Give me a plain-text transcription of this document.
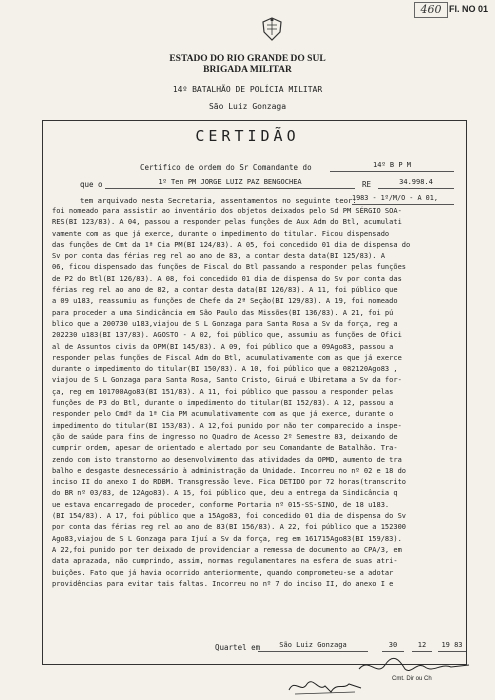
460 Fl. NO 01
ESTADO DO RIO GRANDE DO SUL
BRIGADA MILITAR
14º BATALHÃO DE POLÍCIA MILITAR
São Luiz Gonzaga
CERTIDÃO
Certifico de ordem do Sr Comandante do	14º B P M
que o	1º Ten PM JORGE LUIZ PAZ BENGOCHEA	RE	34.998.4
tem arquivado nesta Secretaria, assentamentos no seguinte teor:
1983 - 1º/M/O - A 01,
foi nomeado para assistir ao inventário dos objetos deixados pelo Sd PM SÉRGIO SOA-
RES(BI 123/83). A 04, passou a responder pelas funções de Aux Adm do Btl, acumulati
vamente com as que já exerce, durante o impedimento do titular. Ficou dispensado
das funções de Cmt da 1ª Cia PM(BI 124/83). A 05, foi concedido 01 dia de dispensa do
Sv por conta das férias reg rel ao ano de 83, a contar desta data(BI 125/83). A
06, ficou dispensado das funções de Fiscal do Btl passando a responder pelas funções
de P2 do Btl(BI 126/83). A 08, foi concedido 01 dia de dispensa do Sv por conta das
férias reg rel ao ano de 82, a contar desta data(BI 126/83). A 11, foi público que
a 09 u183, reassumiu as funções de Chefe da 2ª Seção(BI 129/83). A 19, foi nomeado
para proceder a uma Sindicância em São Paulo das Missões(BI 136/83). A 21, foi pú
blico que a 200730 u183,viajou de S L Gonzaga para Santa Rosa a Sv da força, reg a
202230 u183(BI 137/83). AGOSTO - A 02, foi público que, assumiu as funções de Ofici
al de Assuntos civis da OPM(BI 145/83). A 09, foi público que a 09Ago83, passou a
responder pelas funções de Fiscal Adm do Btl, acumulativamente com as que já exerce
durante o impedimento do titular(BI 150/83). A 10, foi público que a 082120Ago83 ,
viajou de S L Gonzaga para Santa Rosa, Santo Cristo, Giruá e Ubiretama a Sv da for-
ça, reg em 101700Ago83(BI 151/83). A 11, foi público que passou a responder pelas
funções de P3 do Btl, durante o impedimento do titular(BI 152/83). A 12, passou a
responder pelo Cmdº da 1ª Cia PM acumulativamente com as que já exerce, durante o
impedimento do titular(BI 153/83). A 12,foi punido por não ter comparecido a inspe-
ção de saúde para fins de ingresso no Quadro de Acesso 2º Semestre 83, deixando de
cumprir ordem, apesar de orientado e alertado por seu Comandante de Batalhão. Tra-
zendo com isto transtorno ao desenvolvimento das atividades da OPMD, aumento de tra
balho e desgaste desnecessário à administração da Unidade. Incorreu no nº 02 e 18 do
inciso II do anexo I do RDBM. Transgressão leve. Fica DETIDO por 72 horas(transcrito
do BR nº 03/83, de 12Ago83). A 15, foi público que, deu a entrega da Sindicância q
ue estava encarregado de proceder, conforme Portaria nº 015-SS-SINO, de 18 u183.
(BI 154/83). A 17, foi público que a 15Ago83, foi concedido 01 dia de dispensa do Sv
por conta das férias reg rel ao ano de 83(BI 156/83). A 22, foi público que a 152300
Ago83,viajou de S L Gonzaga para Ijuí a Sv da força, reg em 161715Ago83(BI 159/83).
A 22,foi punido por ter deixado de providenciar a remessa de documento ao CPA/3, em
data aprazada, não cumprindo, assim, normas regulamentares na esfera de suas atri-
buições. Fato que já havia ocorrido anteriormente, quando comprometeu-se a adotar
providências para evitar tais faltas. Incorreu no nº 7 do inciso II, do anexo I e
Quartel em	São Luiz Gonzaga	30	12	19 83
Cmt. Dir ou Ch
